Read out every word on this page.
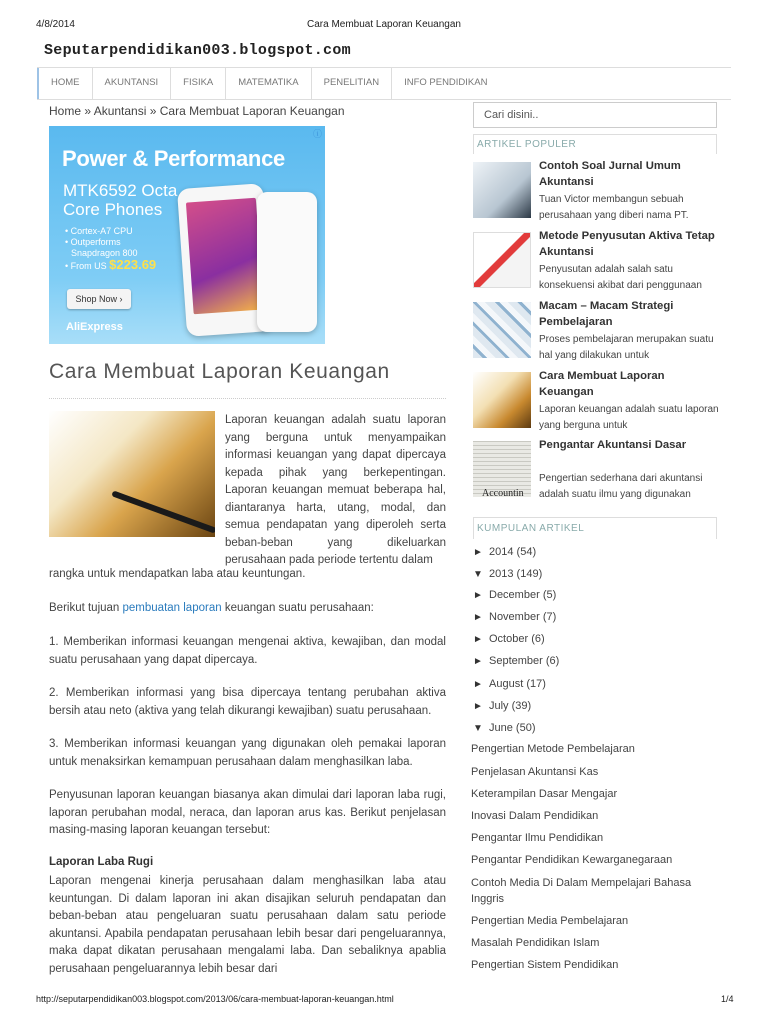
4/8/2014	Cara Membuat Laporan Keuangan
Seputarpendidikan003.blogspot.com
HOME	AKUNTANSI	FISIKA	MATEMATIKA	PENELITIAN	INFO PENDIDIKAN
Home » Akuntansi » Cara Membuat Laporan Keuangan
ⓘ
Power & Performance
MTK6592 Octa Core Phones
• Cortex-A7 CPU
• Outperforms
Snapdragon 800
• From US $223.69
Shop Now ›
AliExpress
Cara Membuat Laporan Keuangan
Laporan keuangan adalah suatu laporan yang berguna untuk menyampaikan informasi keuangan yang dapat dipercaya kepada pihak yang berkepentingan. Laporan keuangan memuat beberapa hal, diantaranya harta, utang, modal, dan semua pendapatan yang diperoleh serta beban-beban yang dikeluarkan perusahaan pada periode tertentu dalam
rangka untuk mendapatkan laba atau keuntungan.
Berikut tujuan pembuatan laporan keuangan suatu perusahaan:
1. Memberikan informasi keuangan mengenai aktiva, kewajiban, dan modal suatu perusahaan yang dapat dipercaya.
2. Memberikan informasi yang bisa dipercaya tentang perubahan aktiva bersih atau neto (aktiva yang telah dikurangi kewajiban) suatu perusahaan.
3. Memberikan informasi keuangan yang digunakan oleh pemakai laporan untuk menaksirkan kemampuan perusahaan dalam menghasilkan laba.
Penyusunan laporan keuangan biasanya akan dimulai dari laporan laba rugi, laporan perubahan modal, neraca, dan laporan arus kas. Berikut penjelasan masing-masing laporan keuangan tersebut:
Laporan Laba Rugi
Laporan mengenai kinerja perusahaan dalam menghasilkan laba atau keuntungan. Di dalam laporan ini akan disajikan seluruh pendapatan dan beban-beban atau pengeluaran suatu perusahaan dalam satu periode akuntansi. Apabila pendapatan perusahaan lebih besar dari pengeluarannya, maka dapat dikatan perusahaan mengalami laba. Dan sebaliknya apablia perusahaan pengeluarannya lebih besar dari
Cari disini..
ARTIKEL POPULER
Contoh Soal Jurnal Umum Akuntansi
Tuan Victor membangun sebuah perusahaan yang diberi nama PT.
Metode Penyusutan Aktiva Tetap Akuntansi
Penyusutan adalah salah satu konsekuensi akibat dari penggunaan
Macam – Macam Strategi Pembelajaran
Proses pembelajaran merupakan suatu hal yang dilakukan untuk
Cara Membuat Laporan Keuangan
Laporan keuangan adalah suatu laporan yang berguna untuk
Accountin
Pengantar Akuntansi Dasar
Pengertian sederhana dari akuntansi adalah suatu ilmu yang digunakan
KUMPULAN ARTIKEL
► 2014 (54)
▼ 2013 (149)
► December (5)
► November (7)
► October (6)
► September (6)
► August (17)
► July (39)
▼ June (50)
Pengertian Metode Pembelajaran
Penjelasan Akuntansi Kas
Keterampilan Dasar Mengajar
Inovasi Dalam Pendidikan
Pengantar Ilmu Pendidikan
Pengantar Pendidikan Kewarganegaraan
Contoh Media Di Dalam Mempelajari Bahasa Inggris
Pengertian Media Pembelajaran
Masalah Pendidikan Islam
Pengertian Sistem Pendidikan
http://seputarpendidikan003.blogspot.com/2013/06/cara-membuat-laporan-keuangan.html	1/4
